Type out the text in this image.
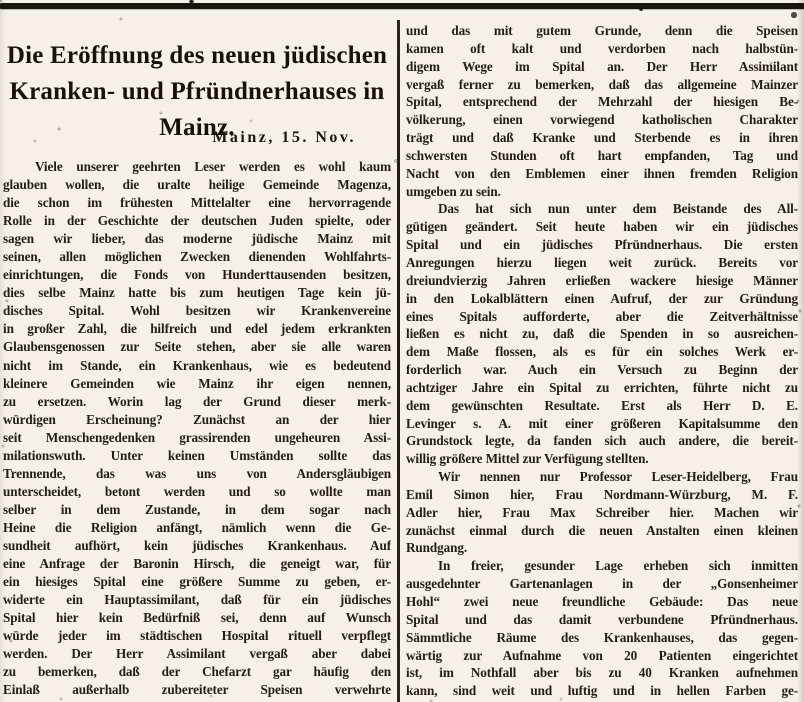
Die Eröffnung des neuen jüdischen
Kranken- und Pfründnerhauses in Mainz.
Mainz, 15. Nov.
Viele unserer geehrten Leser werden es wohl kaum
glauben wollen, die uralte heilige Gemeinde Magenza,
die schon im frühesten Mittelalter eine hervorragende
Rolle in der Geschichte der deutschen Juden spielte, oder
sagen wir lieber, das moderne jüdische Mainz mit
seinen, allen möglichen Zwecken dienenden Wohlfahrts-
einrichtungen, die Fonds von Hunderttausenden besitzen,
dies selbe Mainz hatte bis zum heutigen Tage kein jü-
disches Spital. Wohl besitzen wir Krankenvereine
in großer Zahl, die hilfreich und edel jedem erkrankten
Glaubensgenossen zur Seite stehen, aber sie alle waren
nicht im Stande, ein Krankenhaus, wie es bedeutend
kleinere Gemeinden wie Mainz ihr eigen nennen,
zu ersetzen. Worin lag der Grund dieser merk-
würdigen Erscheinung? Zunächst an der hier
seit Menschengedenken grassirenden ungeheuren Assi-
milationswuth. Unter keinen Umständen sollte das
Trennende, das was uns von Andersgläubigen
unterscheidet, betont werden und so wollte man
selber in dem Zustande, in dem sogar nach
Heine die Religion anfängt, nämlich wenn die Ge-
sundheit aufhört, kein jüdisches Krankenhaus. Auf
eine Anfrage der Baronin Hirsch, die geneigt war, für
ein hiesiges Spital eine größere Summe zu geben, er-
widerte ein Hauptassimilant, daß für ein jüdisches
Spital hier kein Bedürfniß sei, denn auf Wunsch
würde jeder im städtischen Hospital rituell verpflegt
werden. Der Herr Assimilant vergaß aber dabei
zu bemerken, daß der Chefarzt gar häufig den
Einlaß außerhalb zubereiteter Speisen verwehrte
und das mit gutem Grunde, denn die Speisen
kamen oft kalt und verdorben nach halbstün-
digem Wege im Spital an. Der Herr Assimilant
vergaß ferner zu bemerken, daß das allgemeine Mainzer
Spital, entsprechend der Mehrzahl der hiesigen Be-
völkerung, einen vorwiegend katholischen Charakter
trägt und daß Kranke und Sterbende es in ihren
schwersten Stunden oft hart empfanden, Tag und
Nacht von den Emblemen einer ihnen fremden Religion
umgeben zu sein.
Das hat sich nun unter dem Beistande des All-
gütigen geändert. Seit heute haben wir ein jüdisches
Spital und ein jüdisches Pfründnerhaus. Die ersten
Anregungen hierzu liegen weit zurück. Bereits vor
dreiundvierzig Jahren erließen wackere hiesige Männer
in den Lokalblättern einen Aufruf, der zur Gründung
eines Spitals aufforderte, aber die Zeitverhältnisse
ließen es nicht zu, daß die Spenden in so ausreichen-
dem Maße flossen, als es für ein solches Werk er-
forderlich war. Auch ein Versuch zu Beginn der
achtziger Jahre ein Spital zu errichten, führte nicht zu
dem gewünschten Resultate. Erst als Herr D. E.
Levinger s. A. mit einer größeren Kapitalsumme den
Grundstock legte, da fanden sich auch andere, die bereit-
willig größere Mittel zur Verfügung stellten.
Wir nennen nur Professor Leser-Heidelberg, Frau
Emil Simon hier, Frau Nordmann-Würzburg, M. F.
Adler hier, Frau Max Schreiber hier. Machen wir
zunächst einmal durch die neuen Anstalten einen kleinen
Rundgang.
In freier, gesunder Lage erheben sich inmitten
ausgedehnter Gartenanlagen in der „Gonsenheimer
Hohl“ zwei neue freundliche Gebäude: Das neue
Spital und das damit verbundene Pfründnerhaus.
Sämmtliche Räume des Krankenhauses, das gegen-
wärtig zur Aufnahme von 20 Patienten eingerichtet
ist, im Nothfall aber bis zu 40 Kranken aufnehmen
kann, sind weit und luftig und in hellen Farben ge-
